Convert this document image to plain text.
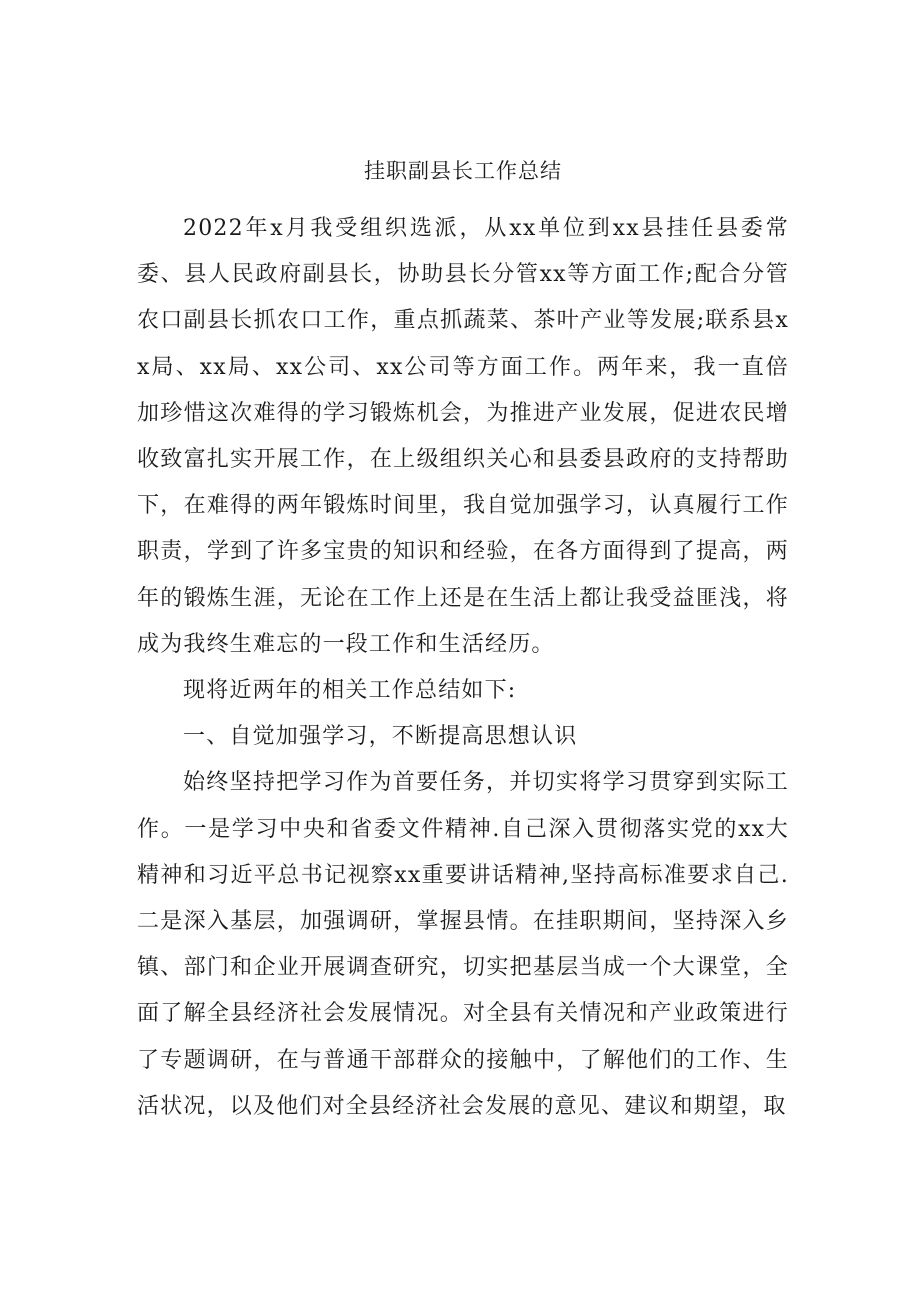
挂职副县长工作总结

2022年x月我受组织选派，从xx单位到xx县挂任县委常委、县人民政府副县长，协助县长分管xx等方面工作;配合分管农口副县长抓农口工作，重点抓蔬菜、茶叶产业等发展;联系县xx局、xx局、xx公司、xx公司等方面工作。两年来，我一直倍加珍惜这次难得的学习锻炼机会，为推进产业发展，促进农民增收致富扎实开展工作，在上级组织关心和县委县政府的支持帮助下，在难得的两年锻炼时间里，我自觉加强学习，认真履行工作职责，学到了许多宝贵的知识和经验，在各方面得到了提高，两年的锻炼生涯，无论在工作上还是在生活上都让我受益匪浅，将成为我终生难忘的一段工作和生活经历。

现将近两年的相关工作总结如下:

一、自觉加强学习，不断提高思想认识

始终坚持把学习作为首要任务，并切实将学习贯穿到实际工作。一是学习中央和省委文件精神.自己深入贯彻落实党的xx大精神和习近平总书记视察xx重要讲话精神,坚持高标准要求自己.二是深入基层，加强调研，掌握县情。在挂职期间，坚持深入乡镇、部门和企业开展调查研究，切实把基层当成一个大课堂，全面了解全县经济社会发展情况。对全县有关情况和产业政策进行了专题调研，在与普通干部群众的接触中，了解他们的工作、生活状况，以及他们对全县经济社会发展的意见、建议和期望，取
